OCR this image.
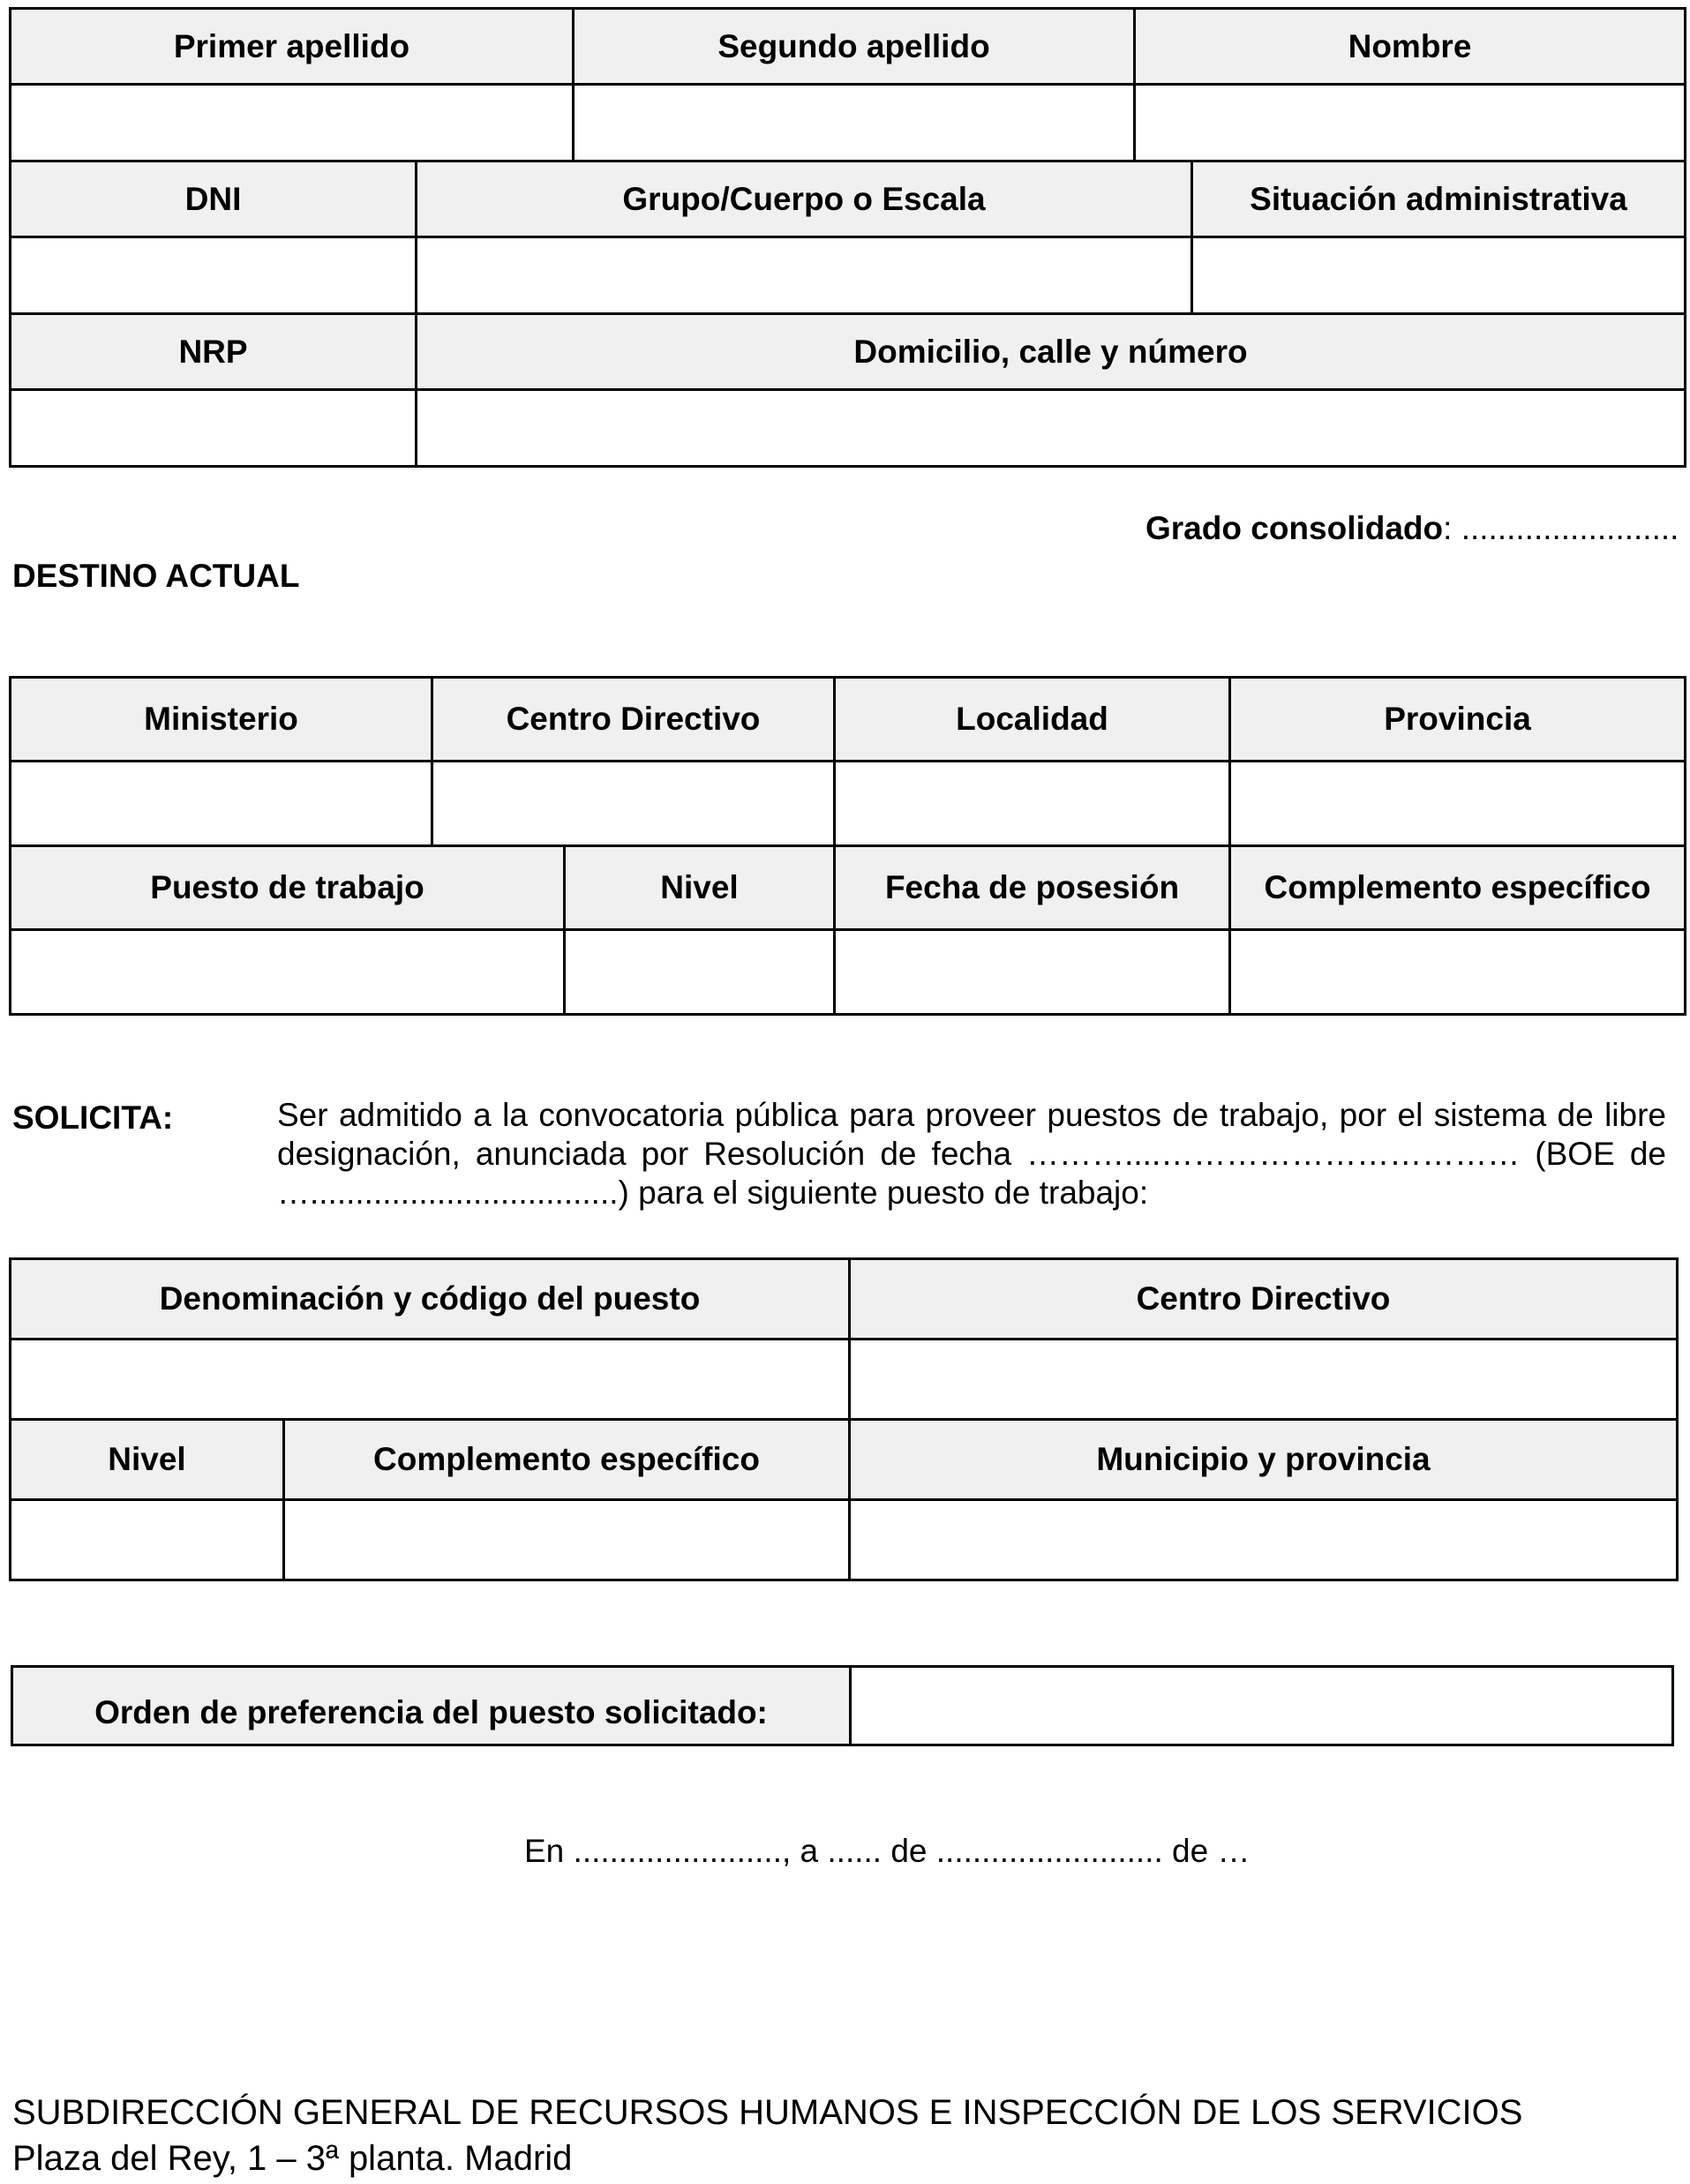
Primer apellido		Segundo apellido	Nombre	

DNI	Grupo/Cuerpo o Escala			Situación administrativa

NRP	Domicilio, calle y número			

Grado consolidado: ........................
DESTINO ACTUAL
Ministerio	Centro Directivo		Localidad	Provincia

Puesto de trabajo		Nivel	Fecha de posesión	Complemento específico

SOLICITA:	Ser admitido a la convocatoria pública para proveer puestos de trabajo, por el sistema de libre designación, anunciada por Resolución de fecha ………....…………………………… (BOE de …..................................) para el siguiente puesto de trabajo:
Denominación y código del puesto		Centro Directivo

Nivel	Complemento específico	Municipio y provincia

Orden de preferencia del puesto solicitado:	
En ......................., a ...... de ......................... de …
SUBDIRECCIÓN GENERAL DE RECURSOS HUMANOS E INSPECCIÓN DE LOS SERVICIOS
Plaza del Rey, 1 – 3ª planta. Madrid
